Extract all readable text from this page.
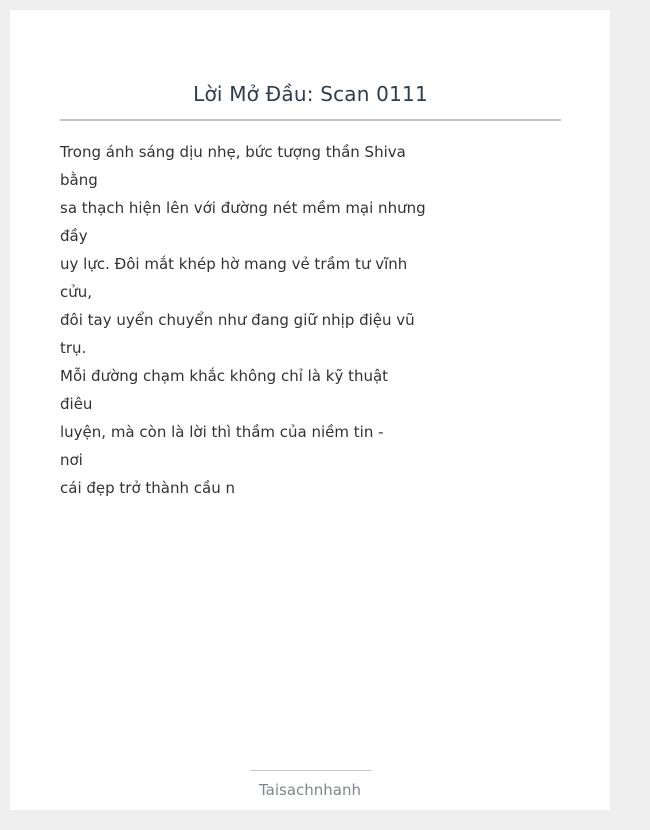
Lời Mở Đầu: Scan 0111
Trong ánh sáng dịu nhẹ, bức tượng thần Shiva
bằng
sa thạch hiện lên với đường nét mềm mại nhưng
đầy
uy lực. Đôi mắt khép hờ mang vẻ trầm tư vĩnh
cửu,
đôi tay uyển chuyển như đang giữ nhịp điệu vũ
trụ.
Mỗi đường chạm khắc không chỉ là kỹ thuật
điêu
luyện, mà còn là lời thì thầm của niềm tin -
nơi
cái đẹp trở thành cầu n
Taisachnhanh
